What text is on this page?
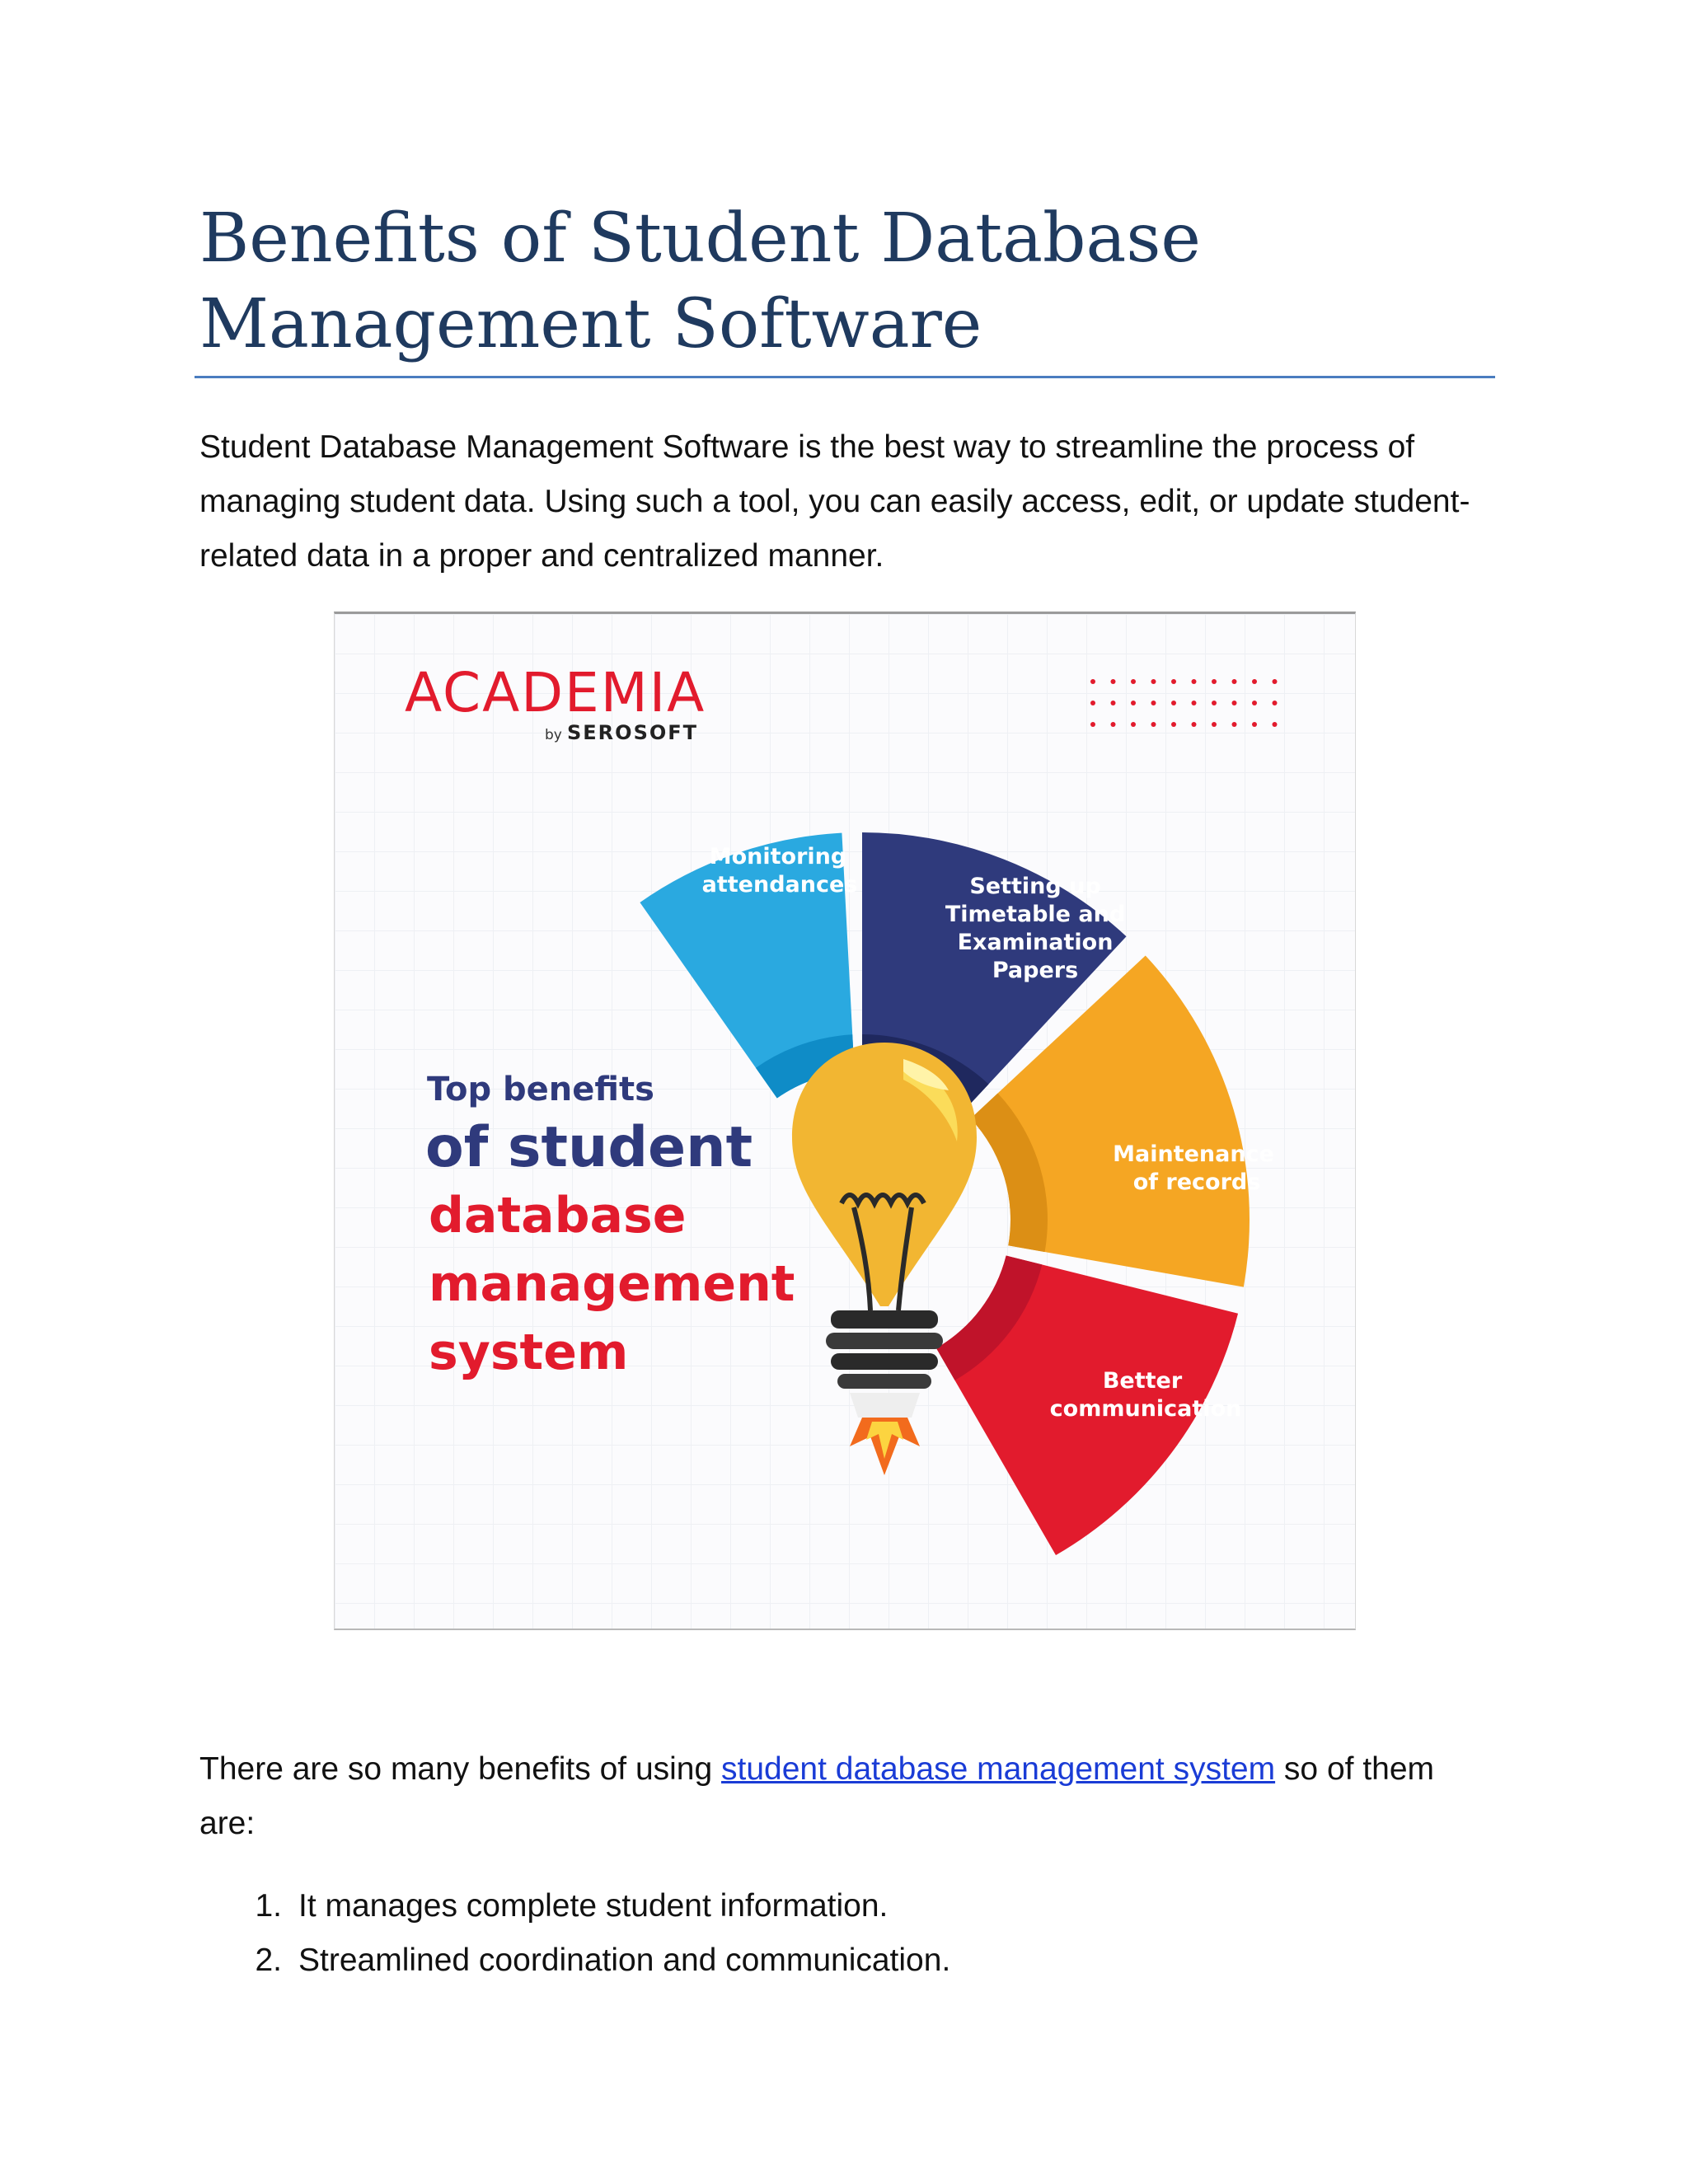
Benefits of Student Database
Management Software

Student Database Management Software is the best way to streamline the process of managing student data. Using such a tool, you can easily access, edit, or update student-related data in a proper and centralized manner.

ACADEMIA
by SEROSOFT
Monitoring
attendances	Setting up
Timetable and
Examination
Papers
Maintenance
of records
Better
communication
Top benefits
of student
database
management
system

There are so many benefits of using student database management system so of them are:

1. It manages complete student information.
2. Streamlined coordination and communication.
